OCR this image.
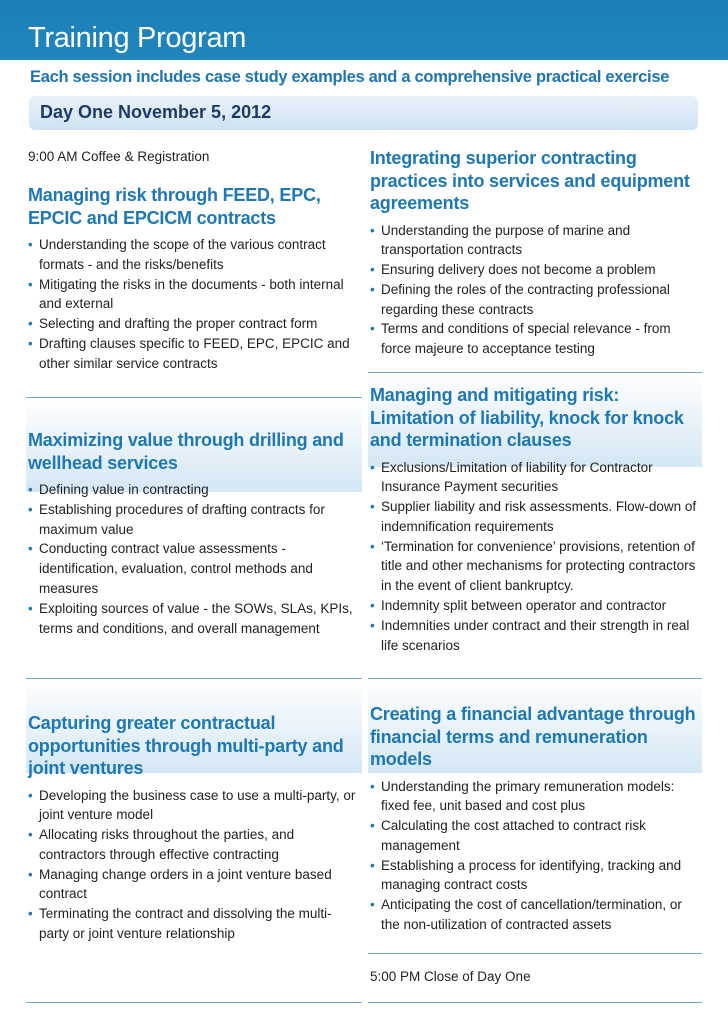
Training Program
Each session includes case study examples and a comprehensive practical exercise
Day One November 5, 2012
9:00 AM Coffee & Registration
Managing risk through FEED, EPC, EPCIC and EPCICM contracts
• Understanding the scope of the various contract formats - and the risks/benefits
• Mitigating the risks in the documents - both internal and external
• Selecting and drafting the proper contract form
• Drafting clauses specific to FEED, EPC, EPCIC and other similar service contracts
Maximizing value through drilling and wellhead services
• Defining value in contracting
• Establishing procedures of drafting contracts for maximum value
• Conducting contract value assessments - identification, evaluation, control methods and measures
• Exploiting sources of value - the SOWs, SLAs, KPIs, terms and conditions, and overall management
Capturing greater contractual opportunities through multi-party and joint ventures
• Developing the business case to use a multi-party, or joint venture model
• Allocating risks throughout the parties, and contractors through effective contracting
• Managing change orders in a joint venture based contract
• Terminating the contract and dissolving the multi-party or joint venture relationship
Integrating superior contracting practices into services and equipment agreements
• Understanding the purpose of marine and transportation contracts
• Ensuring delivery does not become a problem
• Defining the roles of the contracting professional regarding these contracts
• Terms and conditions of special relevance - from force majeure to acceptance testing
Managing and mitigating risk: Limitation of liability, knock for knock and termination clauses
• Exclusions/Limitation of liability for Contractor Insurance Payment securities
• Supplier liability and risk assessments. Flow-down of indemnification requirements
• ‘Termination for convenience’ provisions, retention of title and other mechanisms for protecting contractors in the event of client bankruptcy.
• Indemnity split between operator and contractor
• Indemnities under contract and their strength in real life scenarios
Creating a financial advantage through financial terms and remuneration models
• Understanding the primary remuneration models: fixed fee, unit based and cost plus
• Calculating the cost attached to contract risk management
• Establishing a process for identifying, tracking and managing contract costs
• Anticipating the cost of cancellation/termination, or the non-utilization of contracted assets
5:00 PM Close of Day One
